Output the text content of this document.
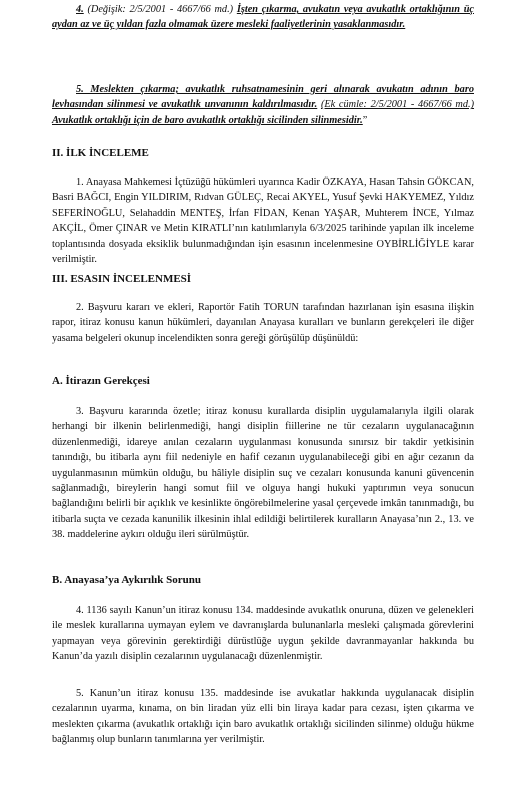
4. (Değişik: 2/5/2001 - 4667/66 md.) İşten çıkarma, avukatın veya avukatlık ortaklığının üç aydan az ve üç yıldan fazla olmamak üzere mesleki faaliyetlerinin yasaklanmasıdır.

5. Meslekten çıkarma; avukatlık ruhsatnamesinin geri alınarak avukatın adının baro levhasından silinmesi ve avukatlık unvanının kaldırılmasıdır. (Ek cümle: 2/5/2001 - 4667/66 md.) Avukatlık ortaklığı için de baro avukatlık ortaklığı sicilinden silinmesidir.”

II. İLK İNCELEME

1. Anayasa Mahkemesi İçtüzüğü hükümleri uyarınca Kadir ÖZKAYA, Hasan Tahsin GÖKCAN, Basri BAĞCI, Engin YILDIRIM, Rıdvan GÜLEÇ, Recai AKYEL, Yusuf Şevki HAKYEMEZ, Yıldız SEFERİNOĞLU, Selahaddin MENTEŞ, İrfan FİDAN, Kenan YAŞAR, Muhterem İNCE, Yılmaz AKÇİL, Ömer ÇINAR ve Metin KIRATLI’nın katılımlarıyla 6/3/2025 tarihinde yapılan ilk inceleme toplantısında dosyada eksiklik bulunmadığından işin esasının incelenmesine OYBİRLİĞİYLE karar verilmiştir.

III. ESASIN İNCELENMESİ

2. Başvuru kararı ve ekleri, Raportör Fatih TORUN tarafından hazırlanan işin esasına ilişkin rapor, itiraz konusu kanun hükümleri, dayanılan Anayasa kuralları ve bunların gerekçeleri ile diğer yasama belgeleri okunup incelendikten sonra gereği görüşülüp düşünüldü:

A. İtirazın Gerekçesi

3. Başvuru kararında özetle; itiraz konusu kurallarda disiplin uygulamalarıyla ilgili olarak herhangi bir ilkenin belirlenmediği, hangi disiplin fiillerine ne tür cezaların uygulanacağının düzenlenmediği, idareye anılan cezaların uygulanması konusunda sınırsız bir takdir yetkisinin tanındığı, bu itibarla aynı fiil nedeniyle en hafif cezanın uygulanabileceği gibi en ağır cezanın da uygulanmasının mümkün olduğu, bu hâliyle disiplin suç ve cezaları konusunda kanuni güvencenin sağlanmadığı, bireylerin hangi somut fiil ve olguya hangi hukuki yaptırımın veya sonucun bağlandığını belirli bir açıklık ve kesinlikte öngörebilmelerine yasal çerçevede imkân tanınmadığı, bu itibarla suçta ve cezada kanunilik ilkesinin ihlal edildiği belirtilerek kuralların Anayasa’nın 2., 13. ve 38. maddelerine aykırı olduğu ileri sürülmüştür.

B. Anayasa’ya Aykırılık Sorunu

4. 1136 sayılı Kanun’un itiraz konusu 134. maddesinde avukatlık onuruna, düzen ve gelenekleri ile meslek kurallarına uymayan eylem ve davranışlarda bulunanlarla mesleki çalışmada görevlerini yapmayan veya görevinin gerektirdiği dürüstlüğe uygun şekilde davranmayanlar hakkında bu Kanun’da yazılı disiplin cezalarının uygulanacağı düzenlenmiştir.

5. Kanun’un itiraz konusu 135. maddesinde ise avukatlar hakkında uygulanacak disiplin cezalarının uyarma, kınama, on bin liradan yüz elli bin liraya kadar para cezası, işten çıkarma ve meslekten çıkarma (avukatlık ortaklığı için baro avukatlık ortaklığı sicilinden silinme) olduğu hükme bağlanmış olup bunların tanımlarına yer verilmiştir.
